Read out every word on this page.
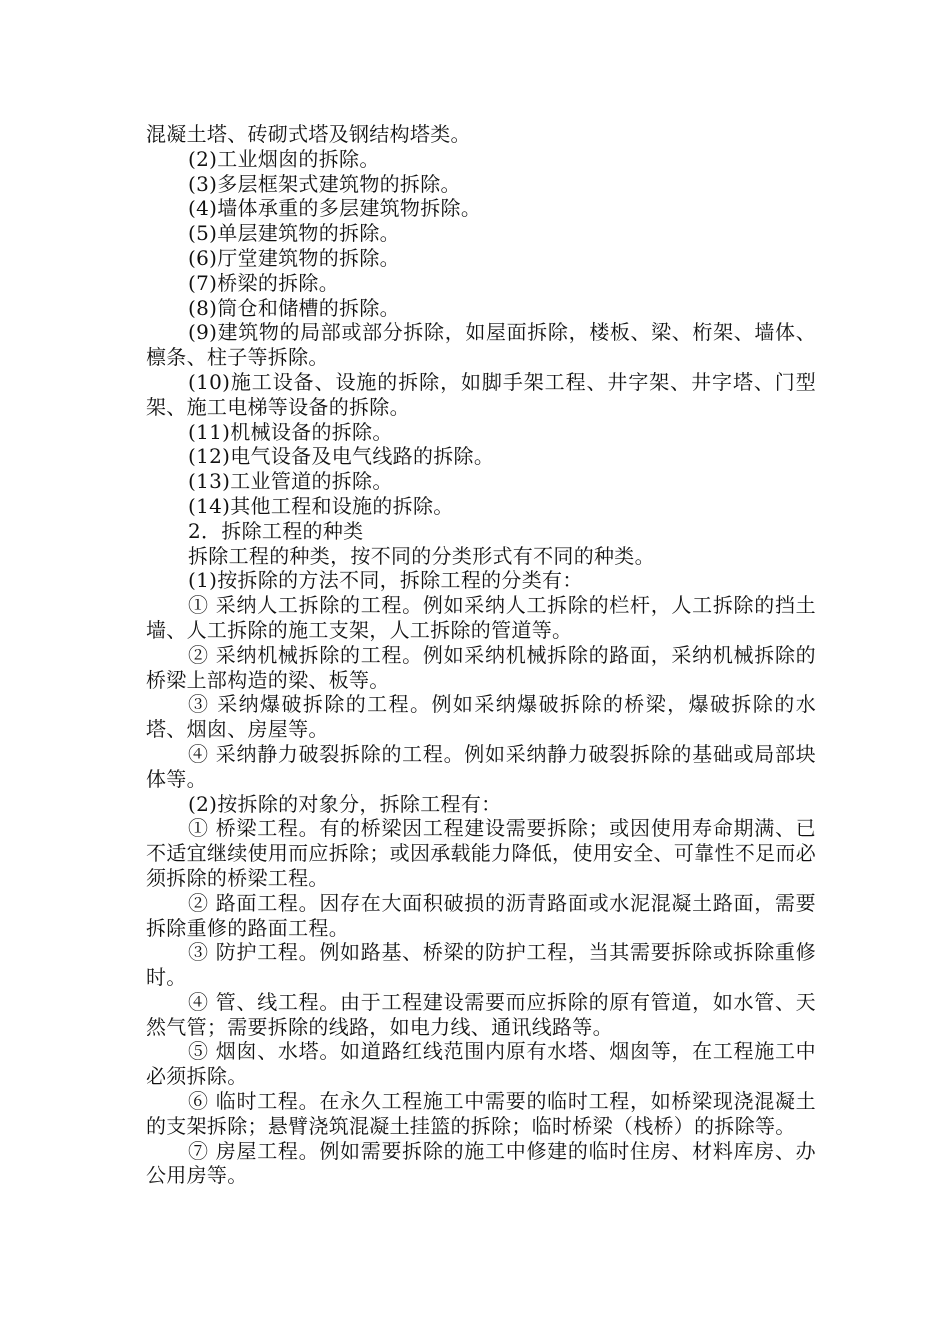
混凝土塔、砖砌式塔及钢结构塔类。

(2)工业烟囱的拆除。

(3)多层框架式建筑物的拆除。

(4)墙体承重的多层建筑物拆除。

(5)单层建筑物的拆除。

(6)厅堂建筑物的拆除。

(7)桥梁的拆除。

(8)筒仓和储槽的拆除。

(9)建筑物的局部或部分拆除，如屋面拆除，楼板、梁、桁架、墙体、檩条、柱子等拆除。

(10)施工设备、设施的拆除，如脚手架工程、井字架、井字塔、门型架、施工电梯等设备的拆除。

(11)机械设备的拆除。

(12)电气设备及电气线路的拆除。

(13)工业管道的拆除。

(14)其他工程和设施的拆除。

2．拆除工程的种类

拆除工程的种类，按不同的分类形式有不同的种类。

(1)按拆除的方法不同，拆除工程的分类有：

① 采纳人工拆除的工程。例如采纳人工拆除的栏杆，人工拆除的挡土墙、人工拆除的施工支架，人工拆除的管道等。

② 采纳机械拆除的工程。例如采纳机械拆除的路面，采纳机械拆除的桥梁上部构造的梁、板等。

③ 采纳爆破拆除的工程。例如采纳爆破拆除的桥梁，爆破拆除的水塔、烟囱、房屋等。

④ 采纳静力破裂拆除的工程。例如采纳静力破裂拆除的基础或局部块体等。

(2)按拆除的对象分，拆除工程有：

① 桥梁工程。有的桥梁因工程建设需要拆除；或因使用寿命期满、已不适宜继续使用而应拆除；或因承载能力降低，使用安全、可靠性不足而必须拆除的桥梁工程。

② 路面工程。因存在大面积破损的沥青路面或水泥混凝土路面，需要拆除重修的路面工程。

③ 防护工程。例如路基、桥梁的防护工程，当其需要拆除或拆除重修时。

④ 管、线工程。由于工程建设需要而应拆除的原有管道，如水管、天然气管；需要拆除的线路，如电力线、通讯线路等。

⑤ 烟囱、水塔。如道路红线范围内原有水塔、烟囱等，在工程施工中必须拆除。

⑥ 临时工程。在永久工程施工中需要的临时工程，如桥梁现浇混凝土的支架拆除；悬臂浇筑混凝土挂篮的拆除；临时桥梁（栈桥）的拆除等。

⑦ 房屋工程。例如需要拆除的施工中修建的临时住房、材料库房、办公用房等。
